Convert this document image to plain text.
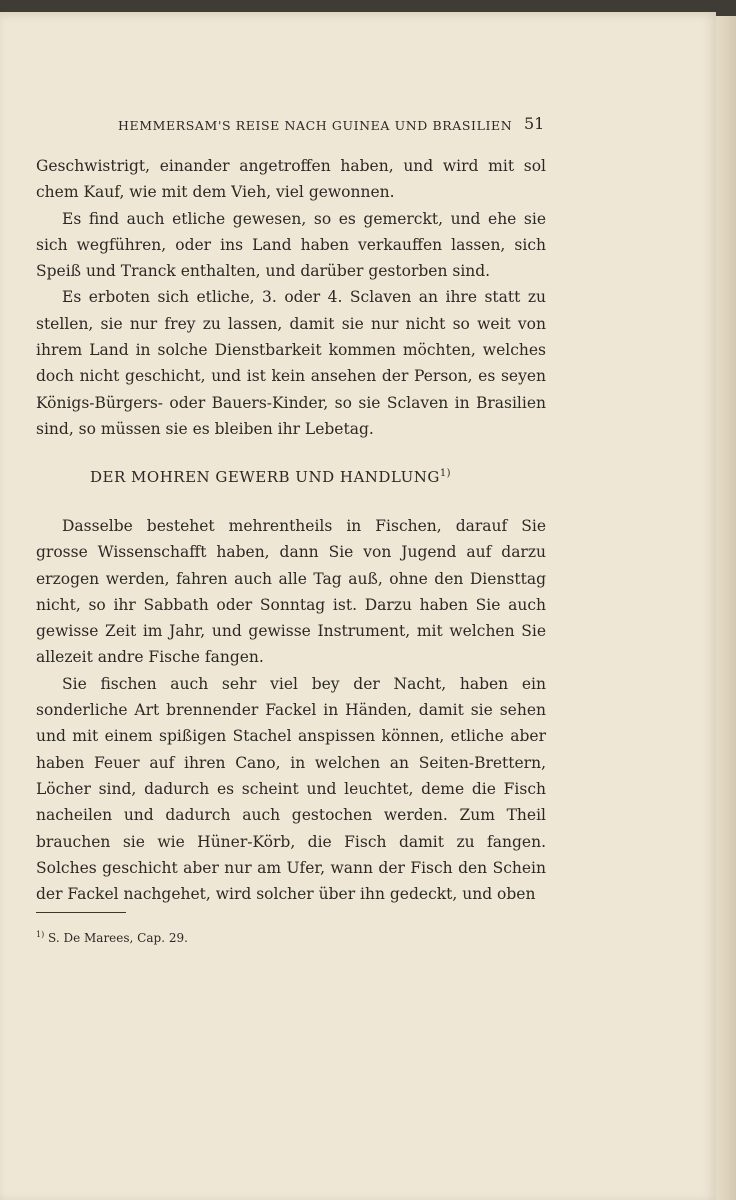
HEMMERSAM'S REISE NACH GUINEA UND BRASILIEN 51

Geschwistrigt, einander angetroffen haben, und wird mit sol chem Kauf, wie mit dem Vieh, viel gewonnen.

Es find auch etliche gewesen, so es gemerckt, und ehe sie sich wegführen, oder ins Land haben verkauffen lassen, sich Speiß und Tranck enthalten, und darüber gestorben sind.

Es erboten sich etliche, 3. oder 4. Sclaven an ihre statt zu stellen, sie nur frey zu lassen, damit sie nur nicht so weit von ihrem Land in solche Dienstbarkeit kommen möchten, welches doch nicht geschicht, und ist kein ansehen der Person, es seyen Königs-Bürgers- oder Bauers-Kinder, so sie Sclaven in Brasilien sind, so müssen sie es bleiben ihr Lebetag.

DER MOHREN GEWERB UND HANDLUNG$^{1)}$

Dasselbe bestehet mehrentheils in Fischen, darauf Sie grosse Wissenschafft haben, dann Sie von Jugend auf darzu erzogen werden, fahren auch alle Tag auß, ohne den Diensttag nicht, so ihr Sabbath oder Sonntag ist. Darzu haben Sie auch gewisse Zeit im Jahr, und gewisse Instrument, mit welchen Sie allezeit andre Fische fangen.

Sie fischen auch sehr viel bey der Nacht, haben ein sonderliche Art brennender Fackel in Händen, damit sie sehen und mit einem spißigen Stachel anspissen können, etliche aber haben Feuer auf ihren Cano, in welchen an Seiten-Brettern, Löcher sind, dadurch es scheint und leuchtet, deme die Fisch nacheilen und dadurch auch gestochen werden. Zum Theil brauchen sie wie Hüner-Körb, die Fisch damit zu fangen. Solches geschicht aber nur am Ufer, wann der Fisch den Schein der Fackel nachgehet, wird solcher über ihn gedeckt, und oben

$^{1)}$ S. De Marees, Cap. 29.
